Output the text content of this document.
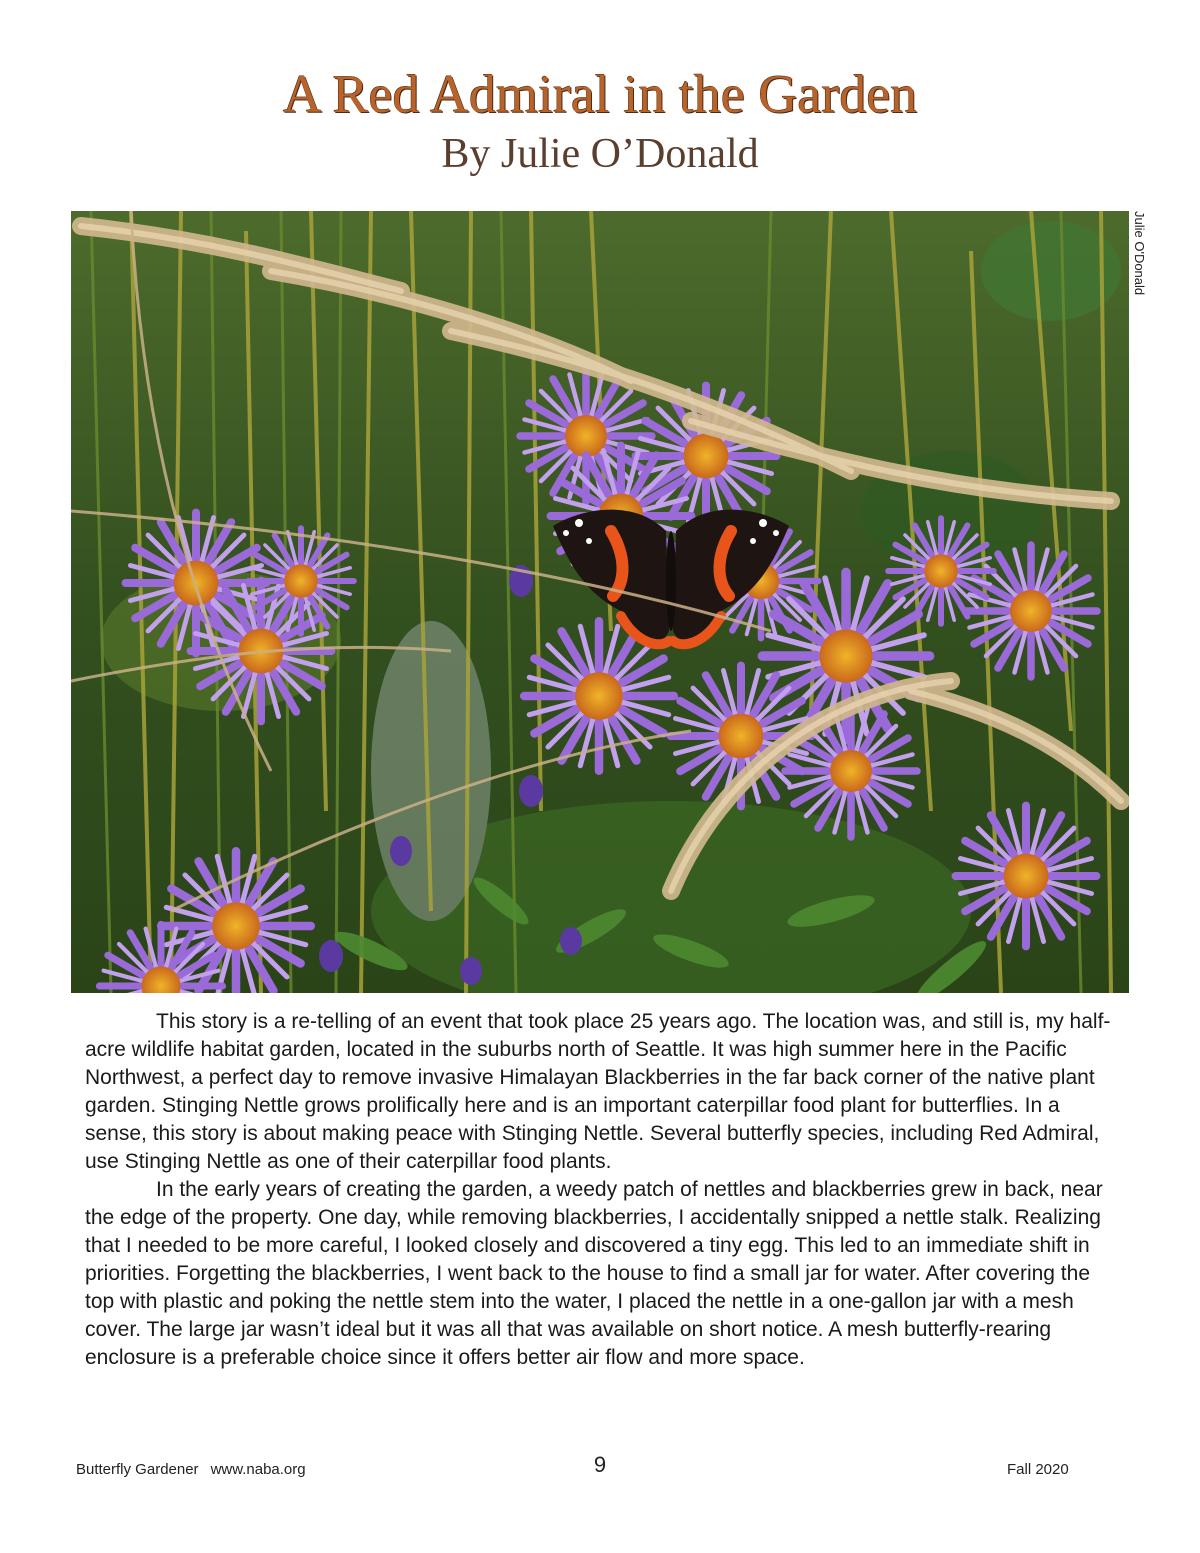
A Red Admiral in the Garden
By Julie O’Donald
Julie O'Donald

This story is a re-telling of an event that took place 25 years ago. The location was, and still is, my half-acre wildlife habitat garden, located in the suburbs north of Seattle. It was high summer here in the Pacific Northwest, a perfect day to remove invasive Himalayan Blackberries in the far back corner of the native plant garden. Stinging Nettle grows prolifically here and is an important caterpillar food plant for butterflies. In a sense, this story is about making peace with Stinging Nettle. Several butterfly species, including Red Admiral, use Stinging Nettle as one of their caterpillar food plants.

In the early years of creating the garden, a weedy patch of nettles and blackberries grew in back, near the edge of the property. One day, while removing blackberries, I accidentally snipped a nettle stalk. Realizing that I needed to be more careful, I looked closely and discovered a tiny egg. This led to an immediate shift in priorities. Forgetting the blackberries, I went back to the house to find a small jar for water. After covering the top with plastic and poking the nettle stem into the water, I placed the nettle in a one-gallon jar with a mesh cover. The large jar wasn’t ideal but it was all that was available on short notice. A mesh butterfly-rearing enclosure is a preferable choice since it offers better air flow and more space.

Butterfly Gardener www.naba.org	9	Fall 2020
